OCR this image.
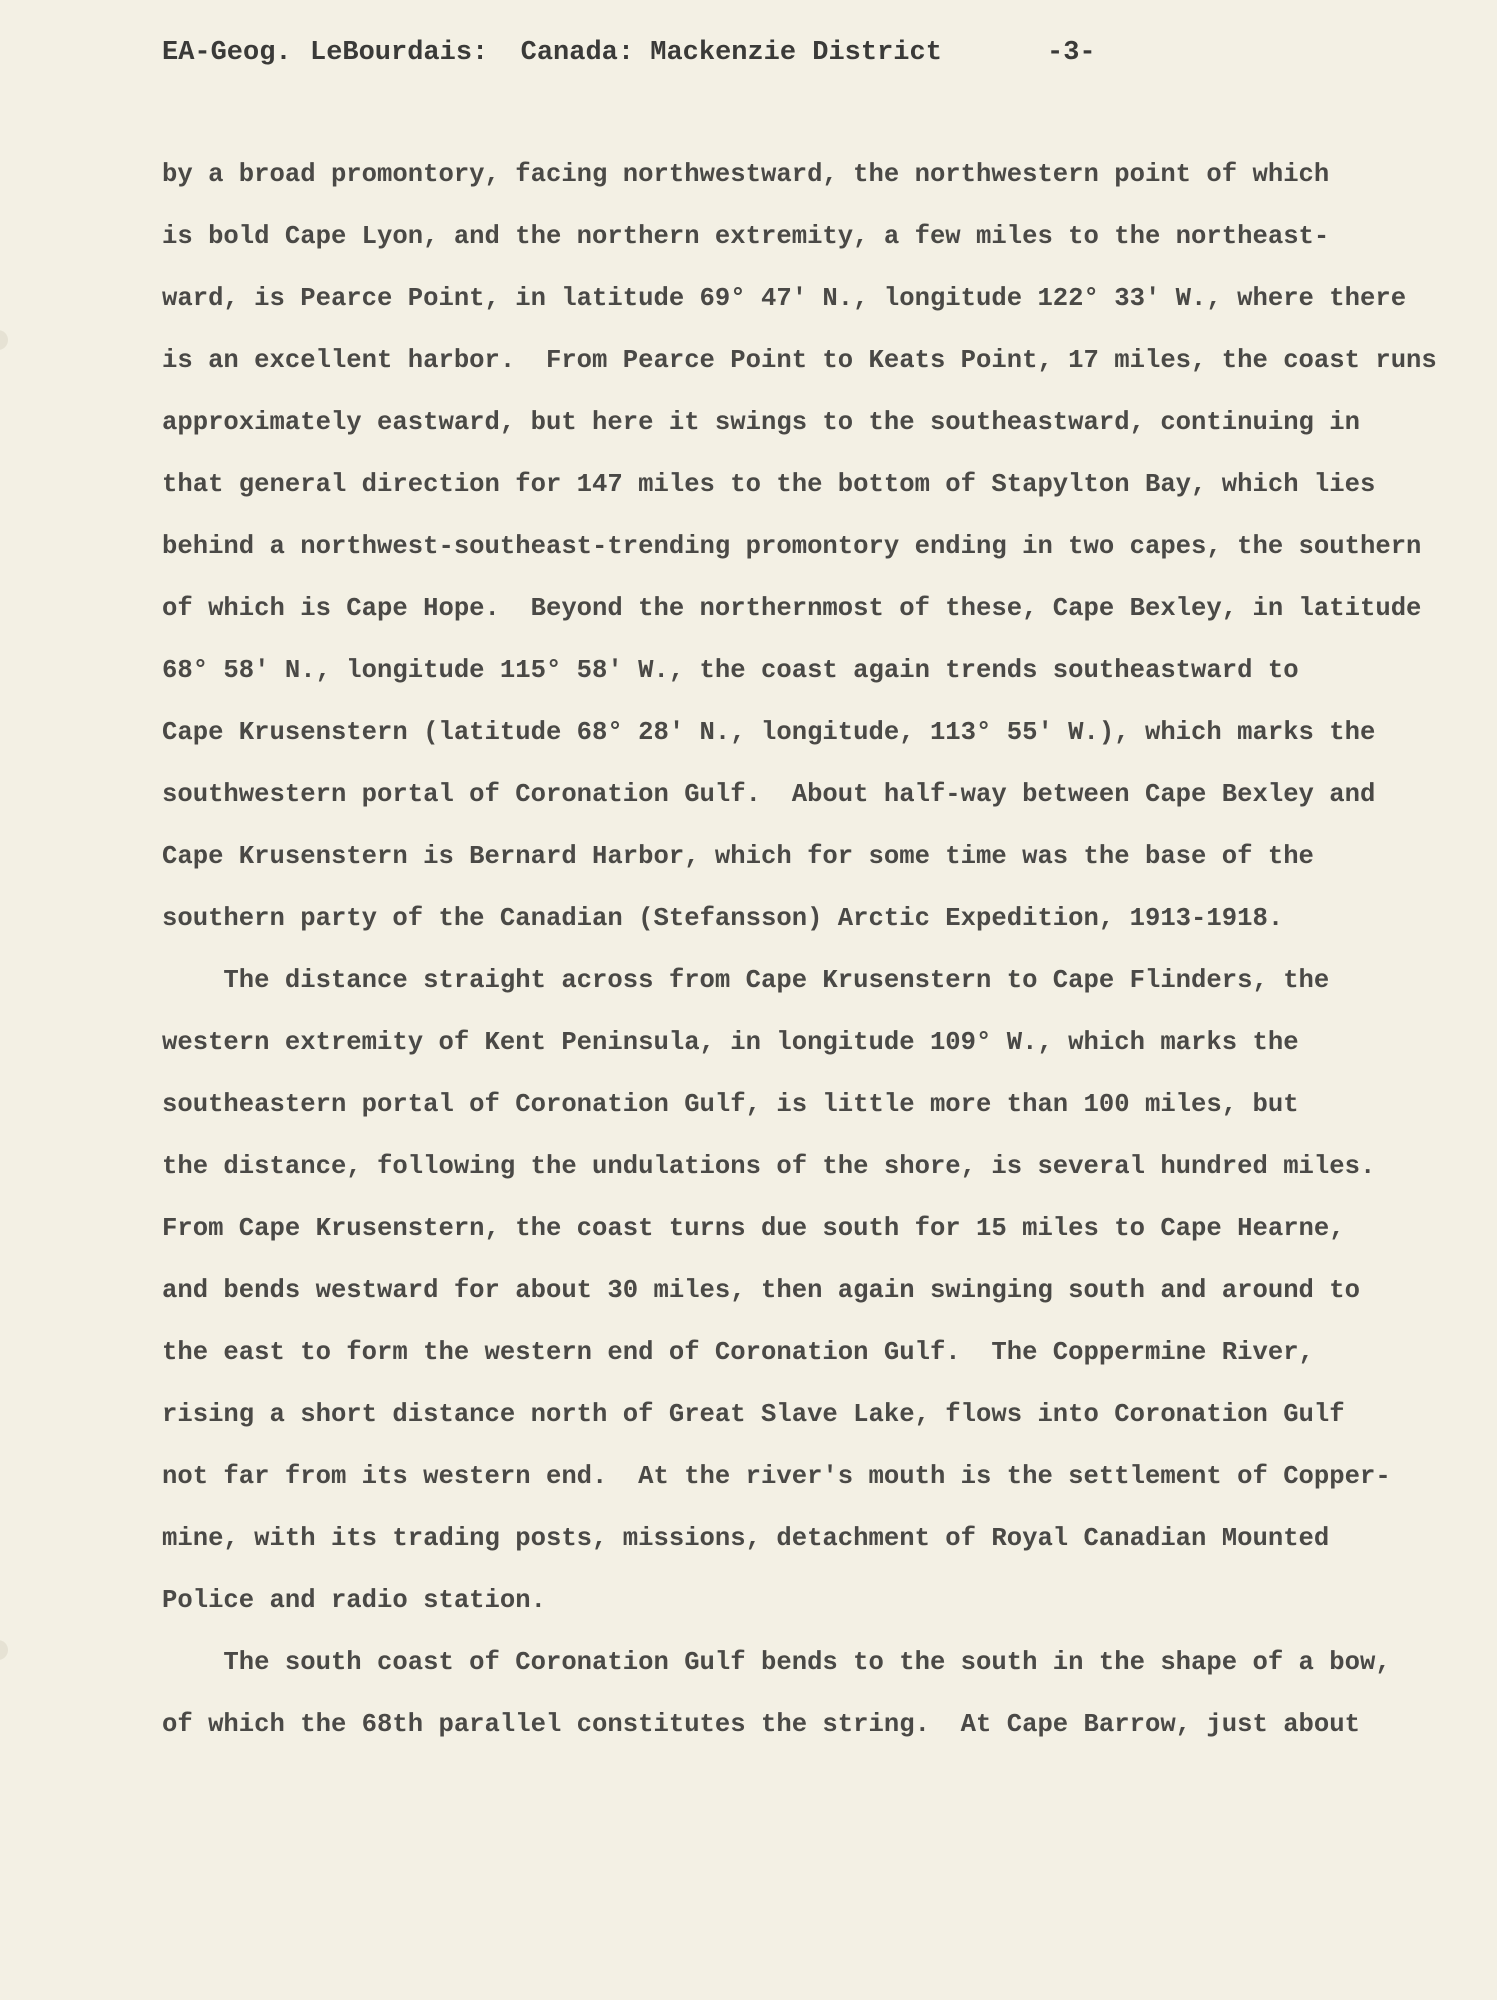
EA-Geog.

LeBourdais:  Canada: Mackenzie District

	-3-

by a broad promontory, facing northwestward, the northwestern point of which
is bold Cape Lyon, and the northern extremity, a few miles to the northeast-
ward, is Pearce Point, in latitude 69° 47' N., longitude 122° 33' W., where there
is an excellent harbor.  From Pearce Point to Keats Point, 17 miles, the coast runs
approximately eastward, but here it swings to the southeastward, continuing in
that general direction for 147 miles to the bottom of Stapylton Bay, which lies
behind a northwest-southeast-trending promontory ending in two capes, the southern
of which is Cape Hope.  Beyond the northernmost of these, Cape Bexley, in latitude
68° 58' N., longitude 115° 58' W., the coast again trends southeastward to
Cape Krusenstern (latitude 68° 28' N., longitude, 113° 55' W.), which marks the
southwestern portal of Coronation Gulf.  About half-way between Cape Bexley and
Cape Krusenstern is Bernard Harbor, which for some time was the base of the
southern party of the Canadian (Stefansson) Arctic Expedition, 1913-1918.
The distance straight across from Cape Krusenstern to Cape Flinders, the
western extremity of Kent Peninsula, in longitude 109° W., which marks the
southeastern portal of Coronation Gulf, is little more than 100 miles, but
the distance, following the undulations of the shore, is several hundred miles.
From Cape Krusenstern, the coast turns due south for 15 miles to Cape Hearne,
and bends westward for about 30 miles, then again swinging south and around to
the east to form the western end of Coronation Gulf.  The Coppermine River,
rising a short distance north of Great Slave Lake, flows into Coronation Gulf
not far from its western end.  At the river's mouth is the settlement of Copper-
mine, with its trading posts, missions, detachment of Royal Canadian Mounted
Police and radio station.
The south coast of Coronation Gulf bends to the south in the shape of a bow,
of which the 68th parallel constitutes the string.  At Cape Barrow, just about
